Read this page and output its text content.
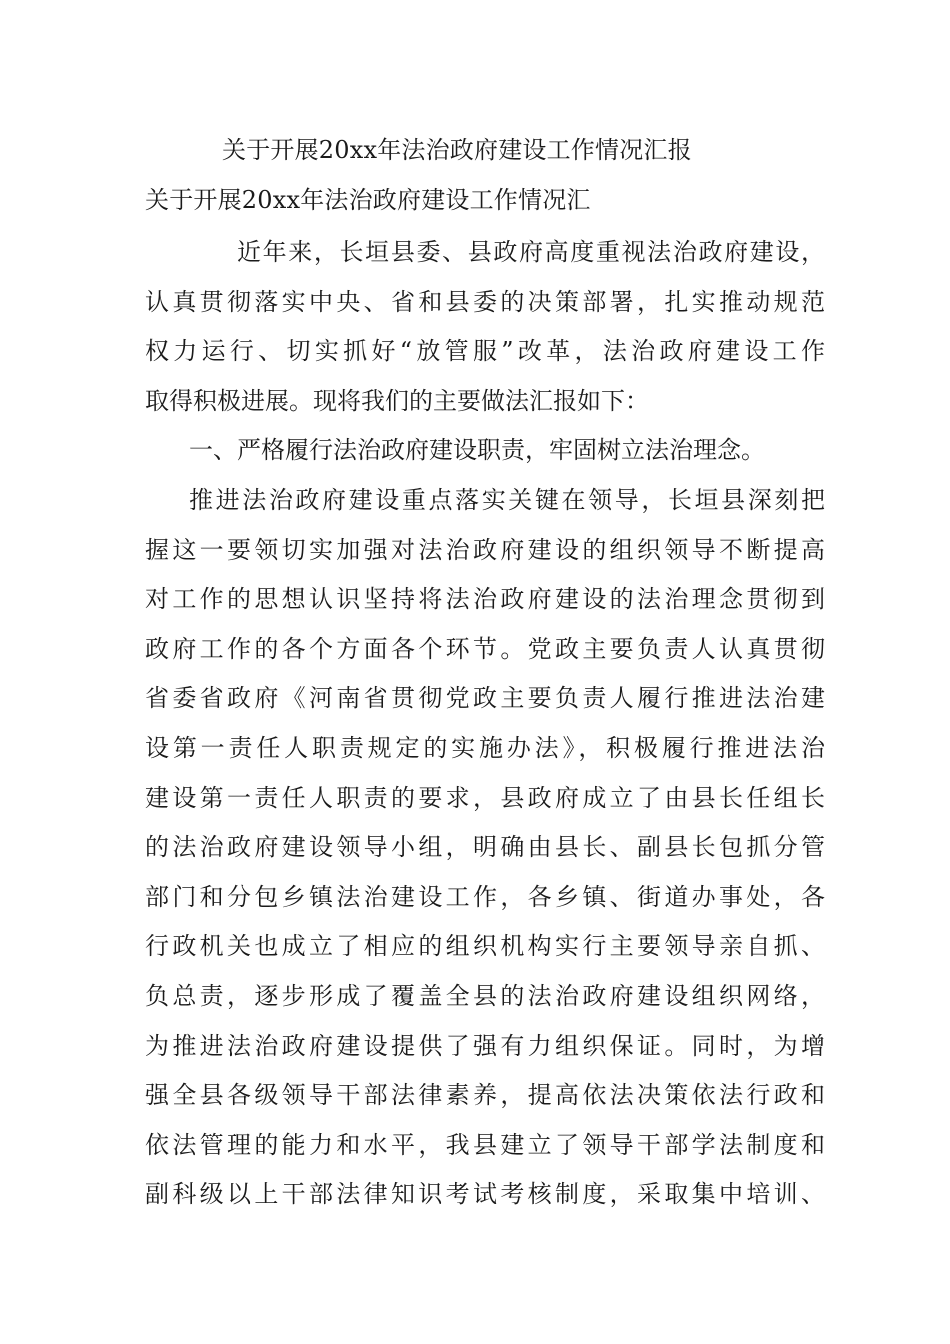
关于开展20xx年法治政府建设工作情况汇报
关于开展20xx年法治政府建设工作情况汇
近年来，长垣县委、县政府高度重视法治政府建设，
认真贯彻落实中央、省和县委的决策部署，扎实推动规范
权力运行、切实抓好“放管服”改革，法治政府建设工作
取得积极进展。现将我们的主要做法汇报如下：
一、严格履行法治政府建设职责，牢固树立法治理念。
推进法治政府建设重点落实关键在领导，长垣县深刻把
握这一要领切实加强对法治政府建设的组织领导不断提高
对工作的思想认识坚持将法治政府建设的法治理念贯彻到
政府工作的各个方面各个环节。党政主要负责人认真贯彻
省委省政府《河南省贯彻党政主要负责人履行推进法治建
设第一责任人职责规定的实施办法》，积极履行推进法治
建设第一责任人职责的要求，县政府成立了由县长任组长
的法治政府建设领导小组，明确由县长、副县长包抓分管
部门和分包乡镇法治建设工作，各乡镇、街道办事处，各
行政机关也成立了相应的组织机构实行主要领导亲自抓、
负总责，逐步形成了覆盖全县的法治政府建设组织网络，
为推进法治政府建设提供了强有力组织保证。同时，为增
强全县各级领导干部法律素养，提高依法决策依法行政和
依法管理的能力和水平，我县建立了领导干部学法制度和
副科级以上干部法律知识考试考核制度，采取集中培训、
